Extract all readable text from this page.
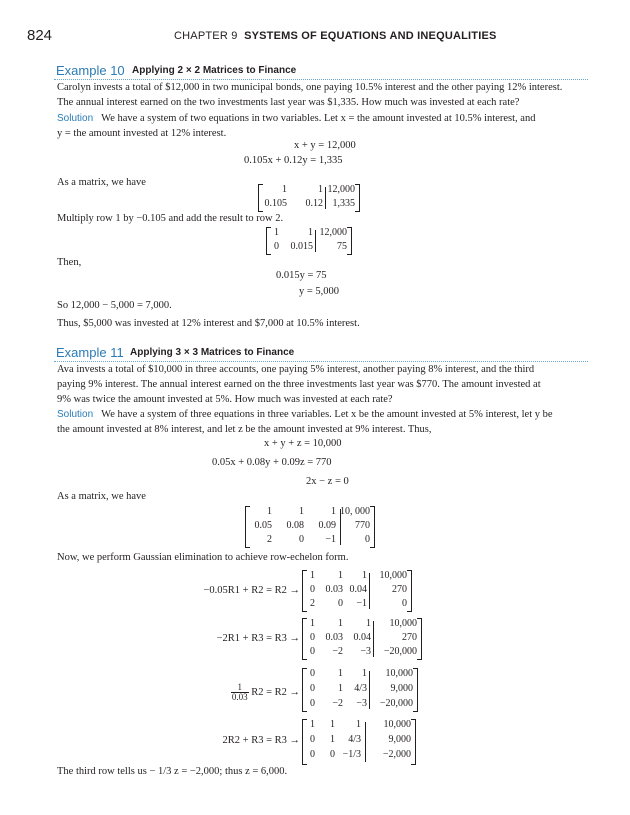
824	CHAPTER 9 SYSTEMS OF EQUATIONS AND INEQUALITIES
Example 10 Applying 2 × 2 Matrices to Finance
Carolyn invests a total of $12,000 in two municipal bonds, one paying 10.5% interest and the other paying 12% interest.
The annual interest earned on the two investments last year was $1,335. How much was invested at each rate?
Solution We have a system of two equations in two variables. Let x = the amount invested at 10.5% interest, and
y = the amount invested at 12% interest.
x + y = 12,000
0.105x + 0.12y = 1,335
As a matrix, we have
1	1 12,000
0.105 0.12 1,335
Multiply row 1 by −0.105 and add the result to row 2.
1	1 12,000
0 0.015 75
Then,
0.015y = 75
y = 5,000
So 12,000 − 5,000 = 7,000.
Thus, $5,000 was invested at 12% interest and $7,000 at 10.5% interest.
Example 11 Applying 3 × 3 Matrices to Finance
Ava invests a total of $10,000 in three accounts, one paying 5% interest, another paying 8% interest, and the third
paying 9% interest. The annual interest earned on the three investments last year was $770. The amount invested at
9% was twice the amount invested at 5%. How much was invested at each rate?
Solution We have a system of three equations in three variables. Let x be the amount invested at 5% interest, let y be
the amount invested at 8% interest, and let z be the amount invested at 9% interest. Thus,
x + y + z = 10,000
0.05x + 0.08y + 0.09z = 770
2x − z = 0
As a matrix, we have
1	1	1 10, 000
0.05 0.08 0.09 770
2	0 −1	0
Now, we perform Gaussian elimination to achieve row-echelon form.
−0.05R1 + R2 = R2 →
1 1 1 10,000
0 0.03 0.04	270
2 0 −1	0
−2R1 + R3 = R3 →
1 1 1 10,000
0 0.03 0.04	270
0 −2 −3 −20,000
$\frac{1}{0.03} R2 = R2$ →
0 1 1 10,000
0 1 4/3 9,000
0 −2 −3 −20,000
2R2 + R3 = R3 →
1 1 1 10,000
0 1 4/3	9,000
0 0 −1/3 −2,000
The third row tells us − 1/3 z = −2,000; thus z = 6,000.
